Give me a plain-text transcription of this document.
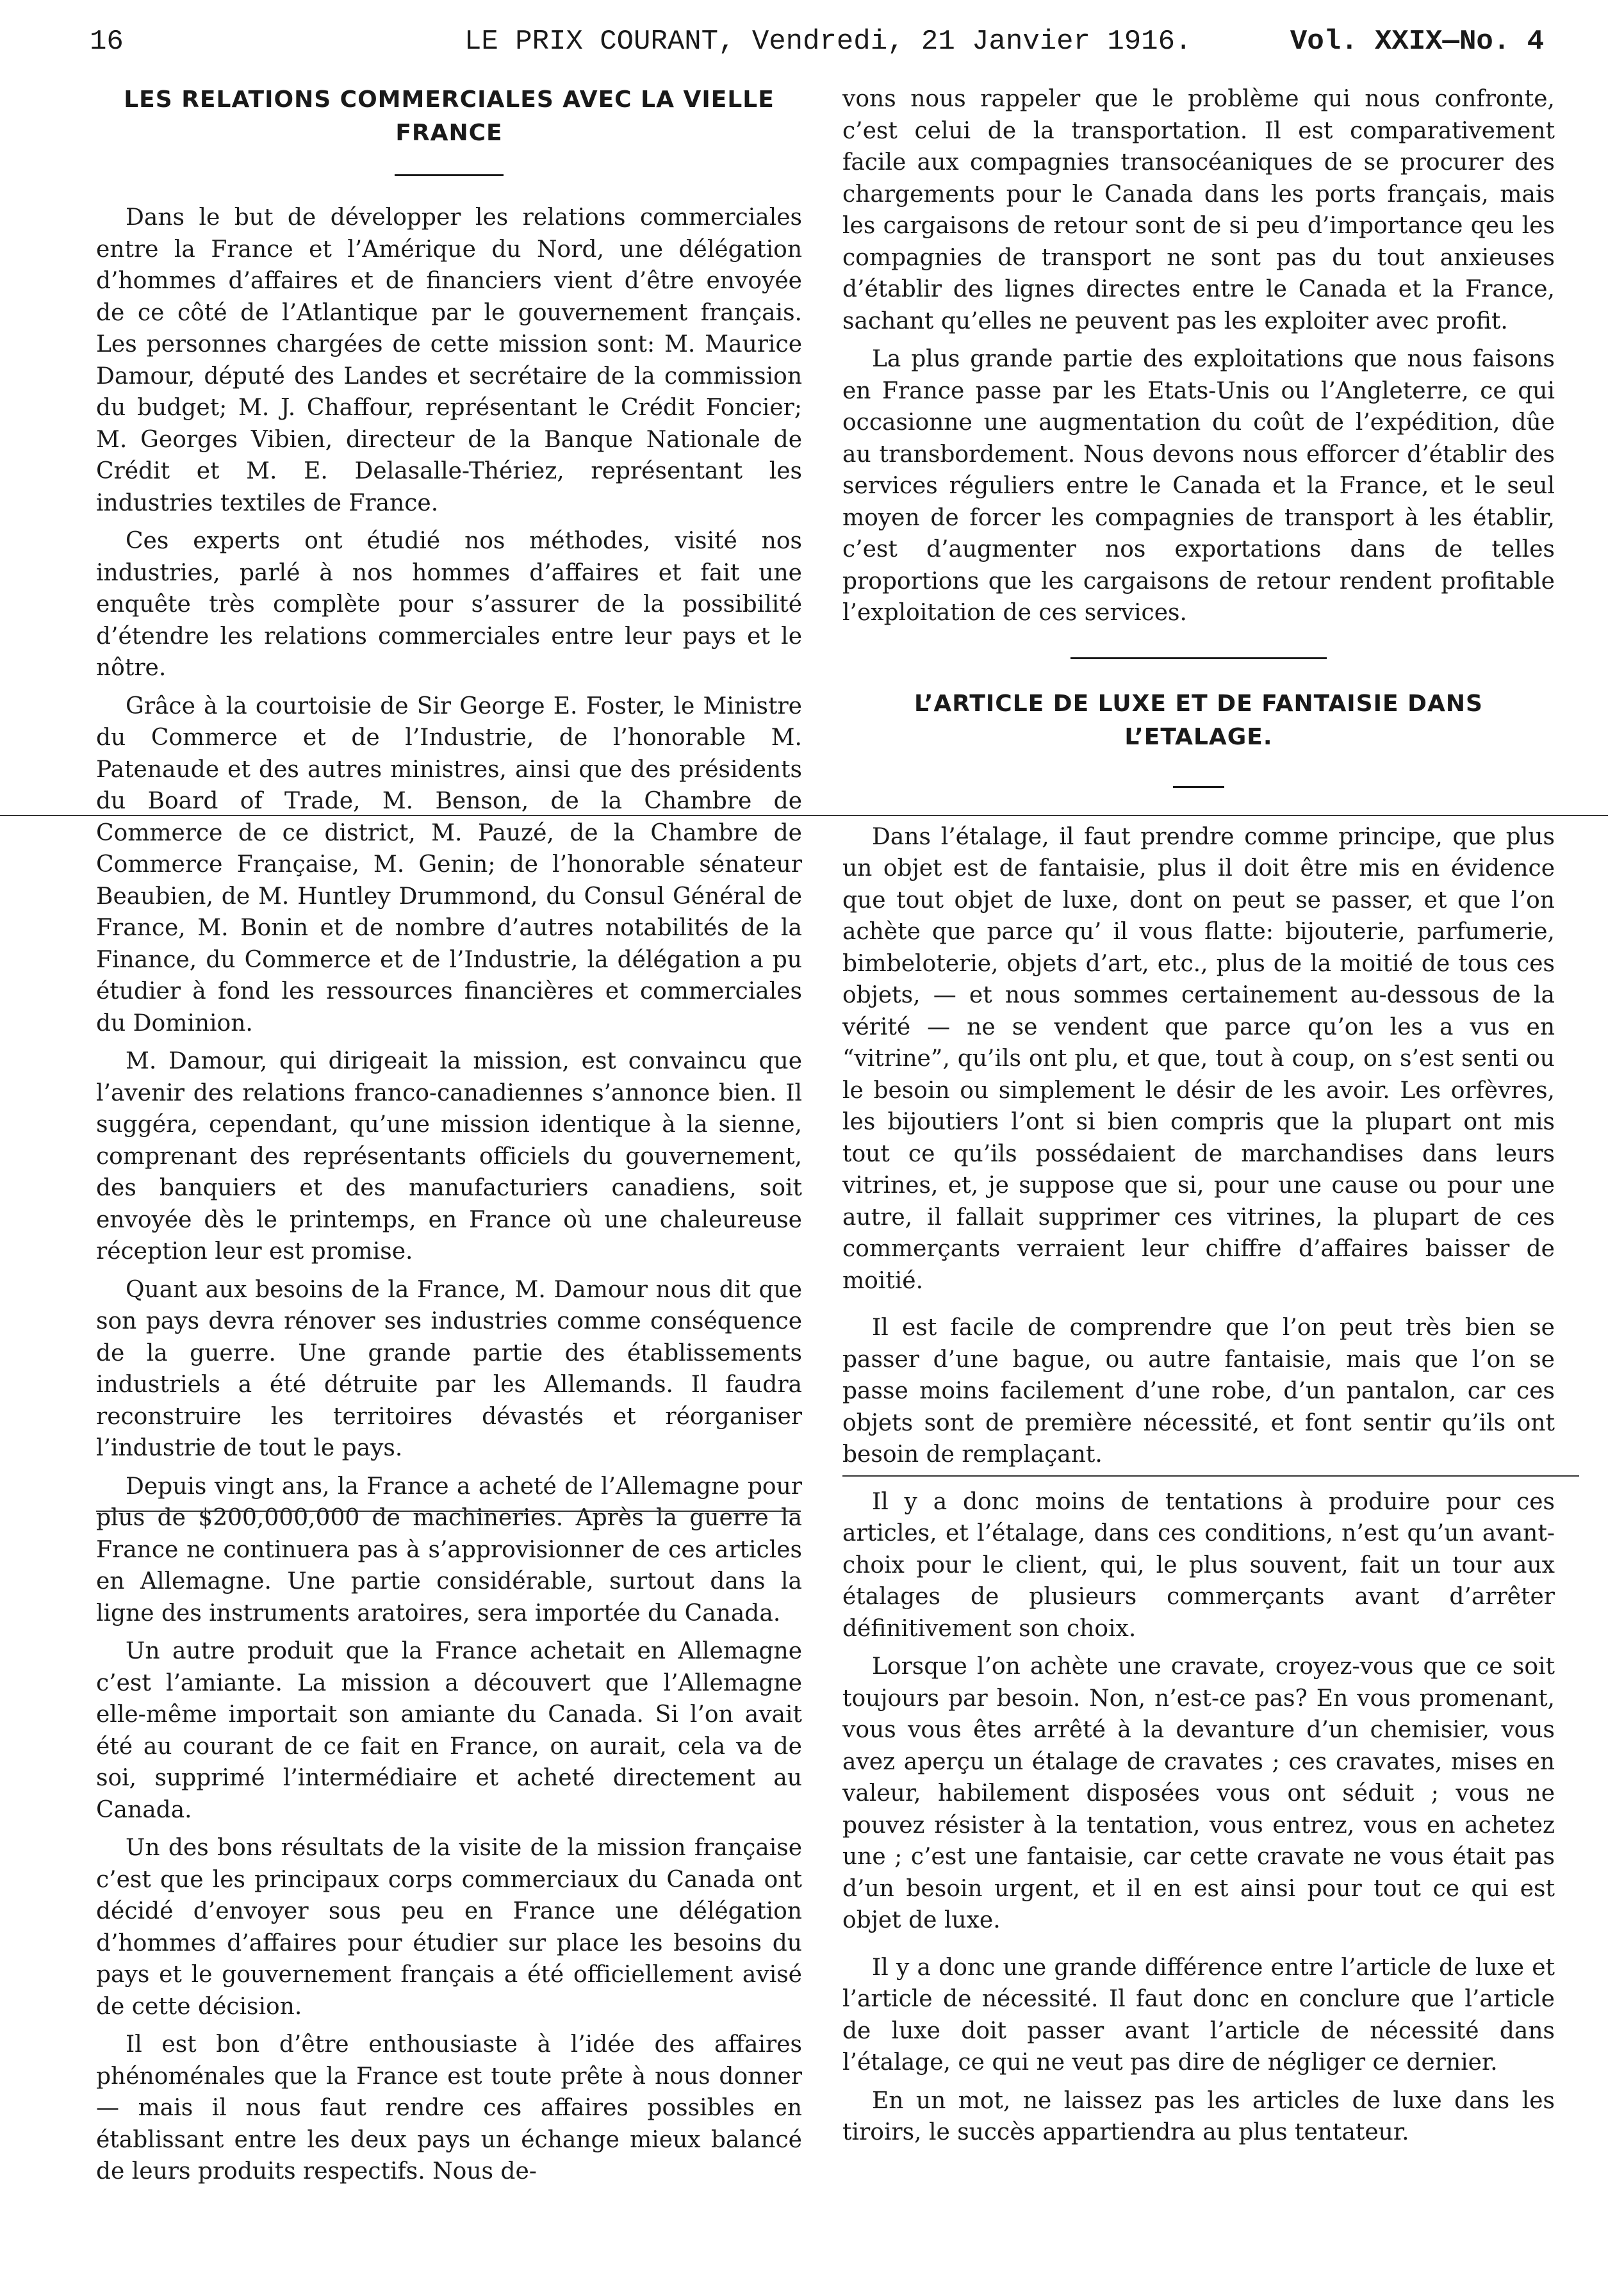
16	LE PRIX COURANT, Vendredi, 21 Janvier 1916.	Vol. XXIX—No. 4
LES RELATIONS COMMERCIALES AVEC LA VIELLE FRANCE

Dans le but de développer les relations commerciales entre la France et l’Amérique du Nord, une délégation d’hommes d’affaires et de financiers vient d’être envoyée de ce côté de l’Atlantique par le gouvernement français. Les personnes chargées de cette mission sont: M. Maurice Damour, député des Landes et secrétaire de la commission du budget; M. J. Chaffour, représentant le Crédit Foncier; M. Georges Vibien, directeur de la Banque Nationale de Crédit et M. E. Delasalle-Thériez, représentant les industries textiles de France.

Ces experts ont étudié nos méthodes, visité nos industries, parlé à nos hommes d’affaires et fait une enquête très complète pour s’assurer de la possibilité d’étendre les relations commerciales entre leur pays et le nôtre.

Grâce à la courtoisie de Sir George E. Foster, le Ministre du Commerce et de l’Industrie, de l’honorable M. Patenaude et des autres ministres, ainsi que des présidents du Board of Trade, M. Benson, de la Chambre de Commerce de ce district, M. Pauzé, de la Chambre de Commerce Française, M. Genin; de l’honorable sénateur Beaubien, de M. Huntley Drummond, du Consul Général de France, M. Bonin et de nombre d’autres notabilités de la Finance, du Commerce et de l’Industrie, la délégation a pu étudier à fond les ressources financières et commerciales du Dominion.

M. Damour, qui dirigeait la mission, est convaincu que l’avenir des relations franco-canadiennes s’annonce bien. Il suggéra, cependant, qu’une mission identique à la sienne, comprenant des représentants officiels du gouvernement, des banquiers et des manufacturiers canadiens, soit envoyée dès le printemps, en France où une chaleureuse réception leur est promise.

Quant aux besoins de la France, M. Damour nous dit que son pays devra rénover ses industries comme conséquence de la guerre. Une grande partie des établissements industriels a été détruite par les Allemands. Il faudra reconstruire les territoires dévastés et réorganiser l’industrie de tout le pays.

Depuis vingt ans, la France a acheté de l’Allemagne pour plus de $200,000,000 de machineries. Après la guerre la France ne continuera pas à s’approvisionner de ces articles en Allemagne. Une partie considérable, surtout dans la ligne des instruments aratoires, sera importée du Canada.

Un autre produit que la France achetait en Allemagne c’est l’amiante. La mission a découvert que l’Allemagne elle-même importait son amiante du Canada. Si l’on avait été au courant de ce fait en France, on aurait, cela va de soi, supprimé l’intermédiaire et acheté directement au Canada.

Un des bons résultats de la visite de la mission française c’est que les principaux corps commerciaux du Canada ont décidé d’envoyer sous peu en France une délégation d’hommes d’affaires pour étudier sur place les besoins du pays et le gouvernement français a été officiellement avisé de cette décision.

Il est bon d’être enthousiaste à l’idée des affaires phénoménales que la France est toute prête à nous donner — mais il nous faut rendre ces affaires possibles en établissant entre les deux pays un échange mieux balancé de leurs produits respectifs. Nous de-

vons nous rappeler que le problème qui nous confronte, c’est celui de la transportation. Il est comparativement facile aux compagnies transocéaniques de se procurer des chargements pour le Canada dans les ports français, mais les cargaisons de retour sont de si peu d’importance qeu les compagnies de transport ne sont pas du tout anxieuses d’établir des lignes directes entre le Canada et la France, sachant qu’elles ne peuvent pas les exploiter avec profit.

La plus grande partie des exploitations que nous faisons en France passe par les Etats-Unis ou l’Angleterre, ce qui occasionne une augmentation du coût de l’expédition, dûe au transbordement. Nous devons nous efforcer d’établir des services réguliers entre le Canada et la France, et le seul moyen de forcer les compagnies de transport à les établir, c’est d’augmenter nos exportations dans de telles proportions que les cargaisons de retour rendent profitable l’exploitation de ces services.

L’ARTICLE DE LUXE ET DE FANTAISIE DANS L’ETALAGE.

Dans l’étalage, il faut prendre comme principe, que plus un objet est de fantaisie, plus il doit être mis en évidence que tout objet de luxe, dont on peut se passer, et que l’on achète que parce qu’ il vous flatte: bijouterie, parfumerie, bimbeloterie, objets d’art, etc., plus de la moitié de tous ces objets, — et nous sommes certainement au-dessous de la vérité — ne se vendent que parce qu’on les a vus en “vitrine”, qu’ils ont plu, et que, tout à coup, on s’est senti ou le besoin ou simplement le désir de les avoir. Les orfèvres, les bijoutiers l’ont si bien compris que la plupart ont mis tout ce qu’ils possédaient de marchandises dans leurs vitrines, et, je suppose que si, pour une cause ou pour une autre, il fallait supprimer ces vitrines, la plupart de ces commerçants verraient leur chiffre d’affaires baisser de moitié.

Il est facile de comprendre que l’on peut très bien se passer d’une bague, ou autre fantaisie, mais que l’on se passe moins facilement d’une robe, d’un pantalon, car ces objets sont de première nécessité, et font sentir qu’ils ont besoin de remplaçant.

Il y a donc moins de tentations à produire pour ces articles, et l’étalage, dans ces conditions, n’est qu’un avant-choix pour le client, qui, le plus souvent, fait un tour aux étalages de plusieurs commerçants avant d’arrêter définitivement son choix.

Lorsque l’on achète une cravate, croyez-vous que ce soit toujours par besoin. Non, n’est-ce pas? En vous promenant, vous vous êtes arrêté à la devanture d’un chemisier, vous avez aperçu un étalage de cravates ; ces cravates, mises en valeur, habilement disposées vous ont séduit ; vous ne pouvez résister à la tentation, vous entrez, vous en achetez une ; c’est une fantaisie, car cette cravate ne vous était pas d’un besoin urgent, et il en est ainsi pour tout ce qui est objet de luxe.

Il y a donc une grande différence entre l’article de luxe et l’article de nécessité. Il faut donc en conclure que l’article de luxe doit passer avant l’article de nécessité dans l’étalage, ce qui ne veut pas dire de négliger ce dernier.

En un mot, ne laissez pas les articles de luxe dans les tiroirs, le succès appartiendra au plus tentateur.
